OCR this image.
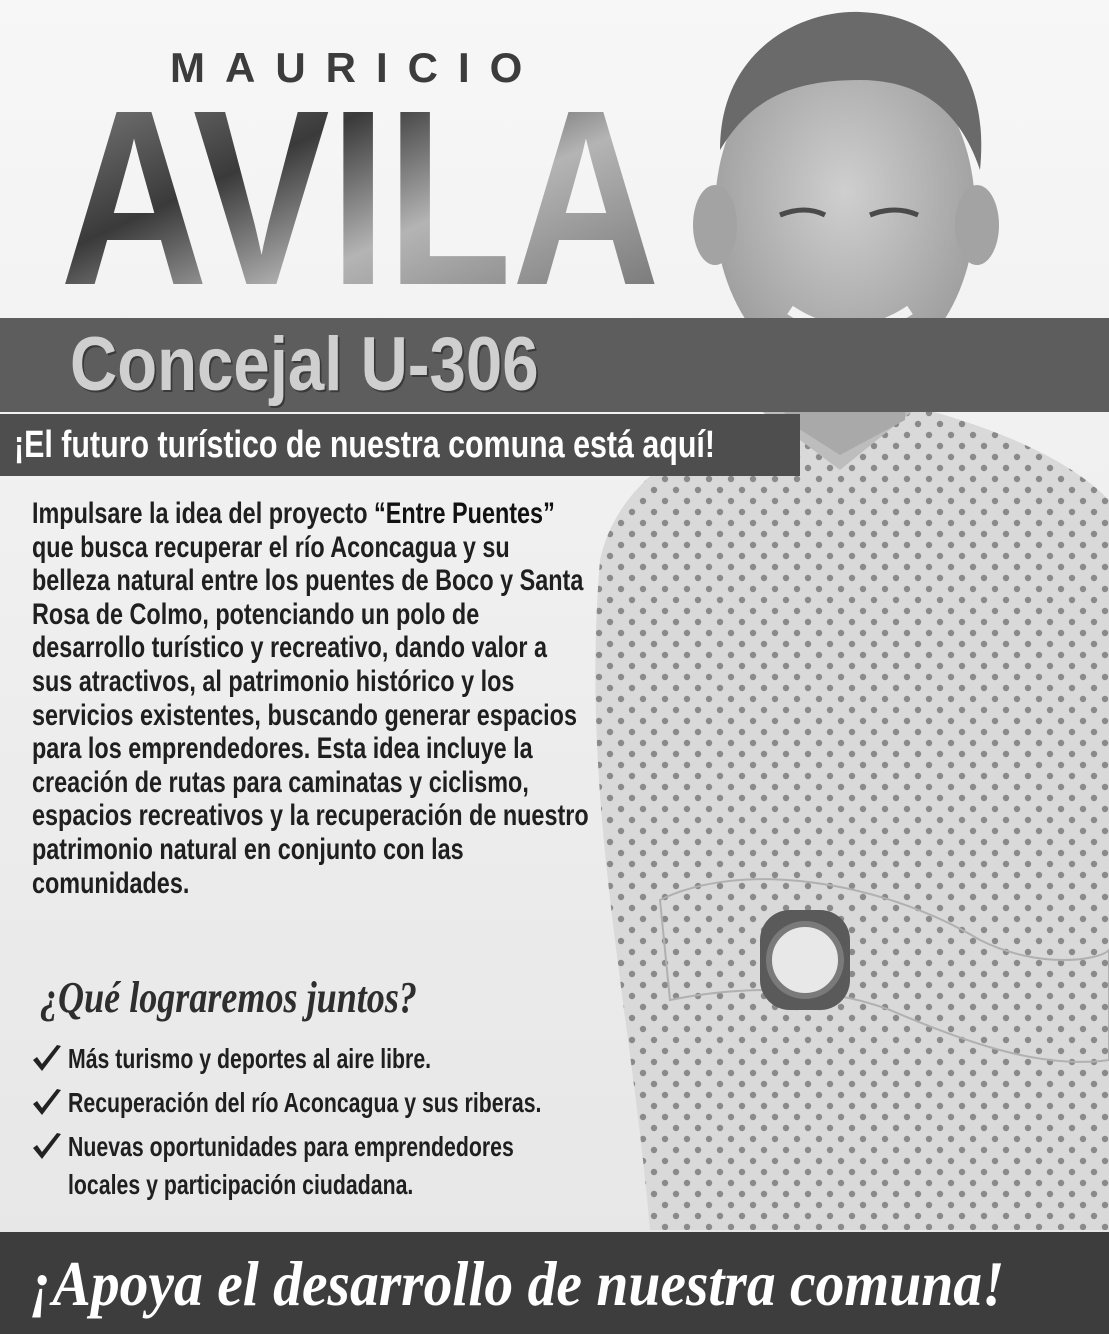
MAURICIO
AVILA
Concejal U-306
¡El futuro turístico de nuestra comuna está aquí!
Impulsare la idea del proyecto “Entre Puentes” que busca recuperar el río Aconcagua y su belleza natural entre los puentes de Boco y Santa Rosa de Colmo, potenciando un polo de desarrollo turístico y recreativo, dando valor a sus atractivos, al patrimonio histórico y los servicios existentes, buscando generar espacios para los emprendedores. Esta idea incluye la creación de rutas para caminatas y ciclismo, espacios recreativos y la recuperación de nuestro patrimonio natural en conjunto con las comunidades.
¿Qué lograremos juntos?
Más turismo y deportes al aire libre.
Recuperación del río Aconcagua y sus riberas.
Nuevas oportunidades para emprendedores locales y participación ciudadana.
¡Apoya el desarrollo de nuestra comuna!
